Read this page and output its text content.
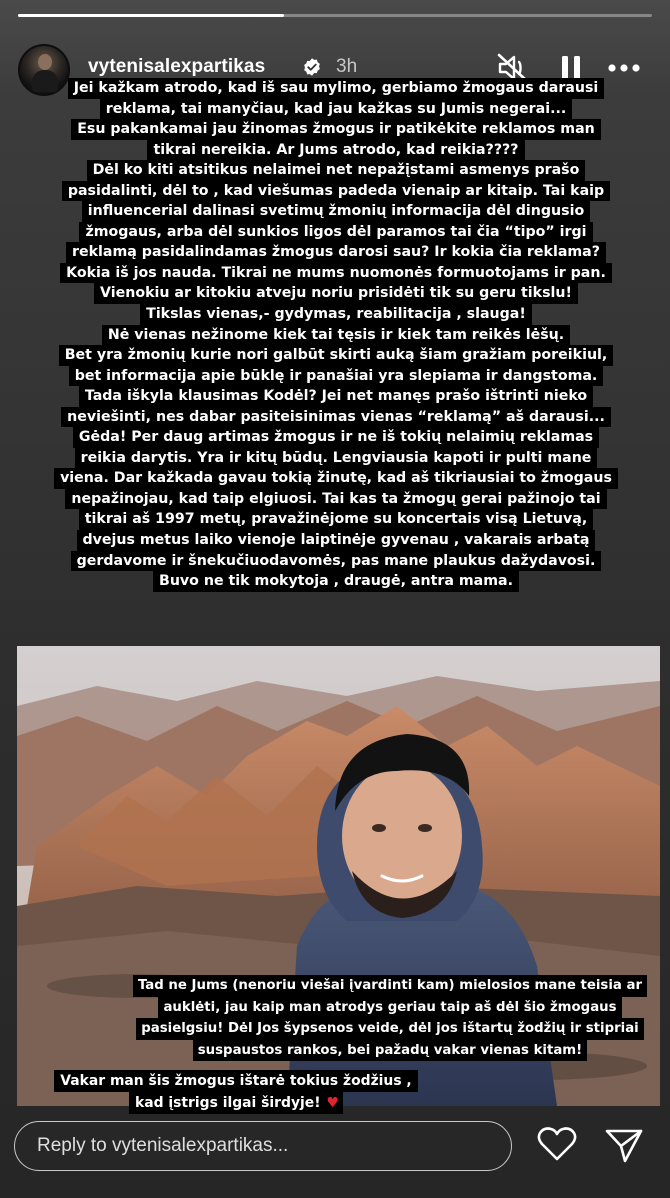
vytenisalexpartikas	3h
Jei kažkam atrodo, kad iš sau mylimo, gerbiamo žmogaus darausi
reklama, tai manyčiau, kad jau kažkas su Jumis negerai...
Esu pakankamai jau žinomas žmogus ir patikėkite reklamos man
tikrai nereikia. Ar Jums atrodo, kad reikia????
Dėl ko kiti atsitikus nelaimei net nepažįstami asmenys prašo
pasidalinti, dėl to , kad viešumas padeda vienaip ar kitaip. Tai kaip
influencerial dalinasi svetimų žmonių informacija dėl dingusio
žmogaus, arba dėl sunkios ligos dėl paramos tai čia “tipo” irgi
reklamą pasidalindamas žmogus darosi sau? Ir kokia čia reklama?
Kokia iš jos nauda. Tikrai ne mums nuomonės formuotojams ir pan.
Vienokiu ar kitokiu atveju noriu prisidėti tik su geru tikslu!
Tikslas vienas,- gydymas, reabilitacija , slauga!
Nė vienas nežinome kiek tai tęsis ir kiek tam reikės lėšų.
Bet yra žmonių kurie nori galbūt skirti auką šiam gražiam poreikiul,
bet informacija apie būklę ir panašiai yra slepiama ir dangstoma.
Tada iškyla klausimas Kodėl? Jei net manęs prašo ištrinti nieko
neviešinti, nes dabar pasiteisinimas vienas “reklamą” aš darausi...
Gėda! Per daug artimas žmogus ir ne iš tokių nelaimių reklamas
reikia darytis. Yra ir kitų būdų. Lengviausia kapoti ir pulti mane
viena. Dar kažkada gavau tokią žinutę, kad aš tikriausiai to žmogaus
nepažinojau, kad taip elgiuosi. Tai kas ta žmogų gerai pažinojo tai
tikrai aš 1997 metų, pravažinėjome su koncertais visą Lietuvą,
dvejus metus laiko vienoje laiptinėje gyvenau , vakarais arbatą
gerdavome ir šnekučiuodavomės, pas mane plaukus dažydavosi.
Buvo ne tik mokytoja , draugė, antra mama.
Tad ne Jums (nenoriu viešai įvardinti kam) mielosios mane teisia ar
auklėti, jau kaip man atrodys geriau taip aš dėl šio žmogaus
pasielgsiu! Dėl Jos šypsenos veide, dėl jos ištartų žodžių ir stipriai
suspaustos rankos, bei pažadų vakar vienas kitam!
Vakar man šis žmogus ištarė tokius žodžius ,
kad įstrigs ilgai širdyje! ♥
Reply to vytenisalexpartikas...
